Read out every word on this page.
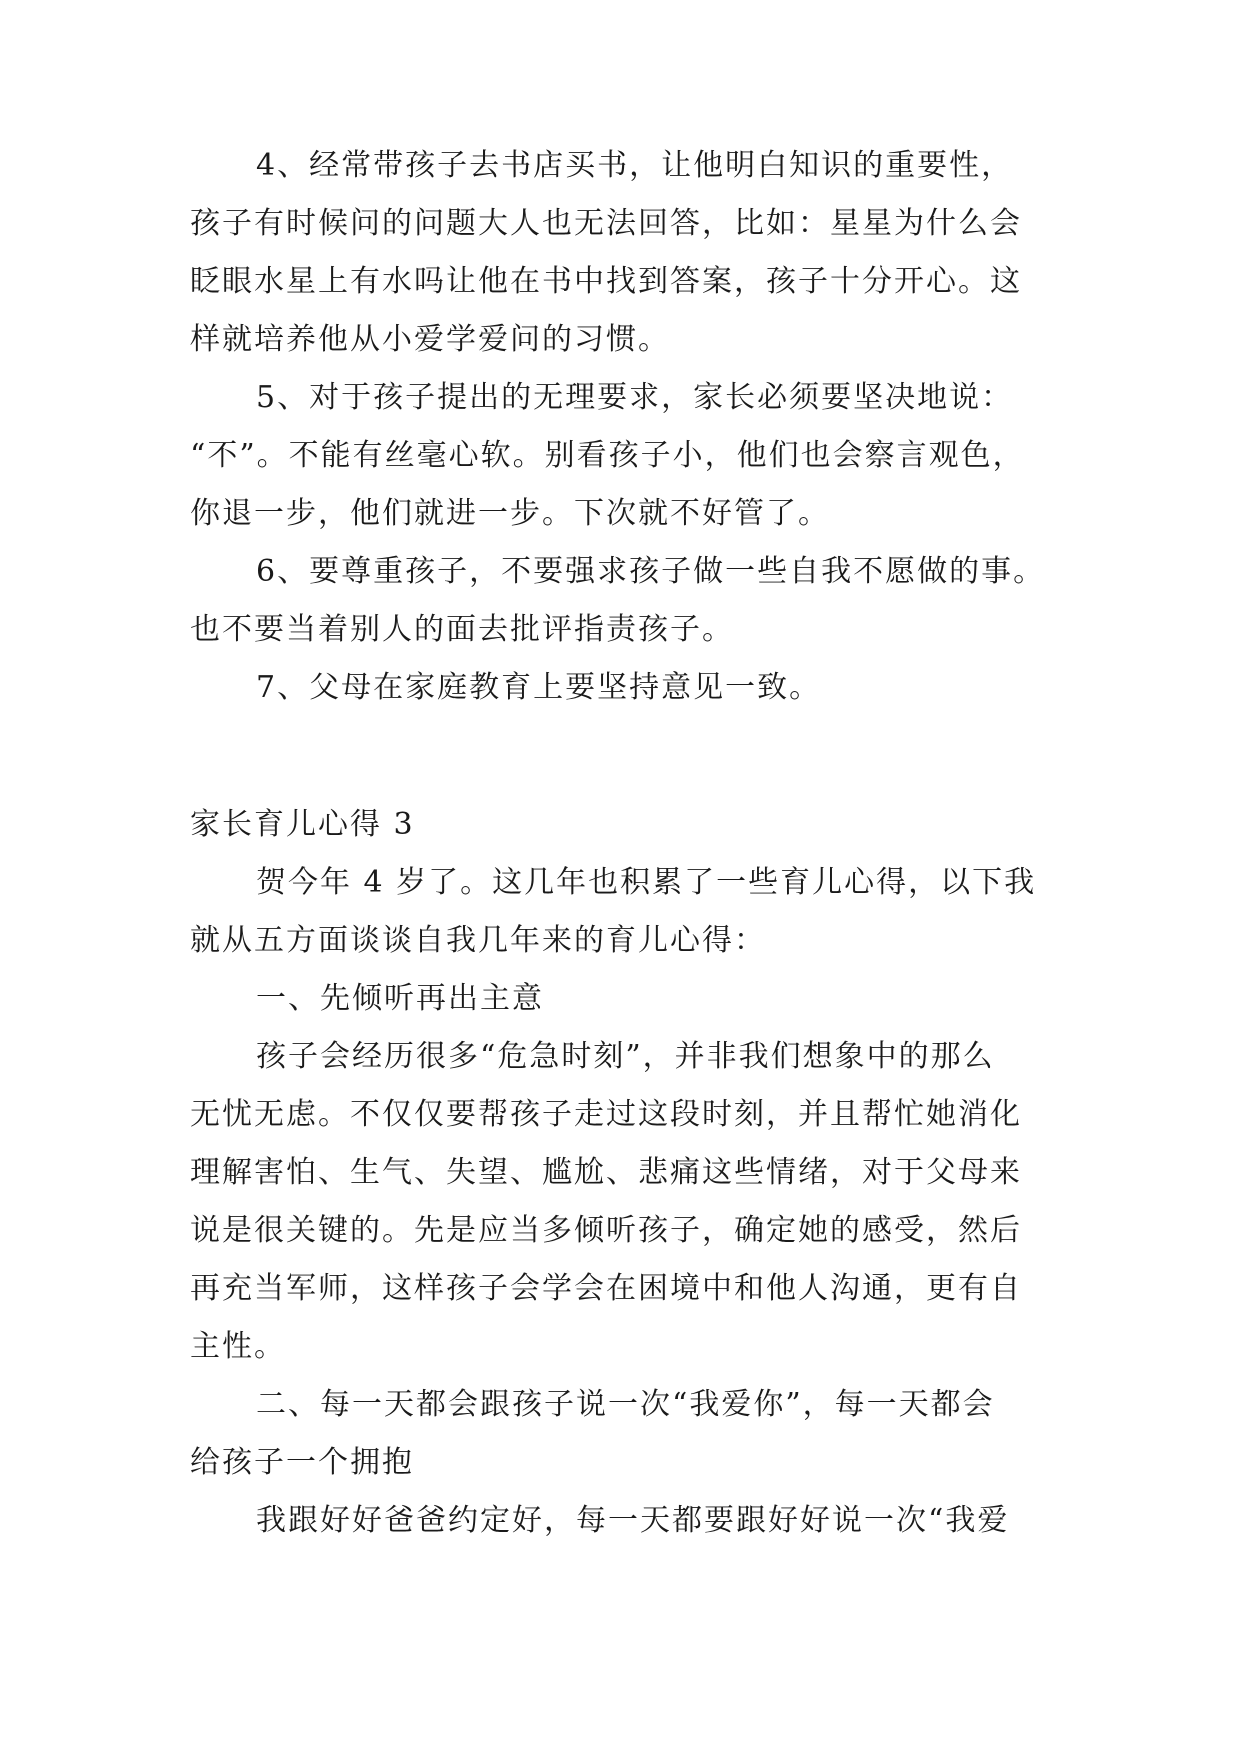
4、经常带孩子去书店买书，让他明白知识的重要性，
孩子有时候问的问题大人也无法回答，比如：星星为什么会
眨眼水星上有水吗让他在书中找到答案，孩子十分开心。这
样就培养他从小爱学爱问的习惯。
5、对于孩子提出的无理要求，家长必须要坚决地说：
“不”。不能有丝毫心软。别看孩子小，他们也会察言观色，
你退一步，他们就进一步。下次就不好管了。
6、要尊重孩子，不要强求孩子做一些自我不愿做的事。
也不要当着别人的面去批评指责孩子。
7、父母在家庭教育上要坚持意见一致。
家长育儿心得 3
贺今年 4 岁了。这几年也积累了一些育儿心得，以下我
就从五方面谈谈自我几年来的育儿心得：
一、先倾听再出主意
孩子会经历很多“危急时刻”，并非我们想象中的那么
无忧无虑。不仅仅要帮孩子走过这段时刻，并且帮忙她消化
理解害怕、生气、失望、尴尬、悲痛这些情绪，对于父母来
说是很关键的。先是应当多倾听孩子，确定她的感受，然后
再充当军师，这样孩子会学会在困境中和他人沟通，更有自
主性。
二、每一天都会跟孩子说一次“我爱你”，每一天都会
给孩子一个拥抱
我跟好好爸爸约定好，每一天都要跟好好说一次“我爱
